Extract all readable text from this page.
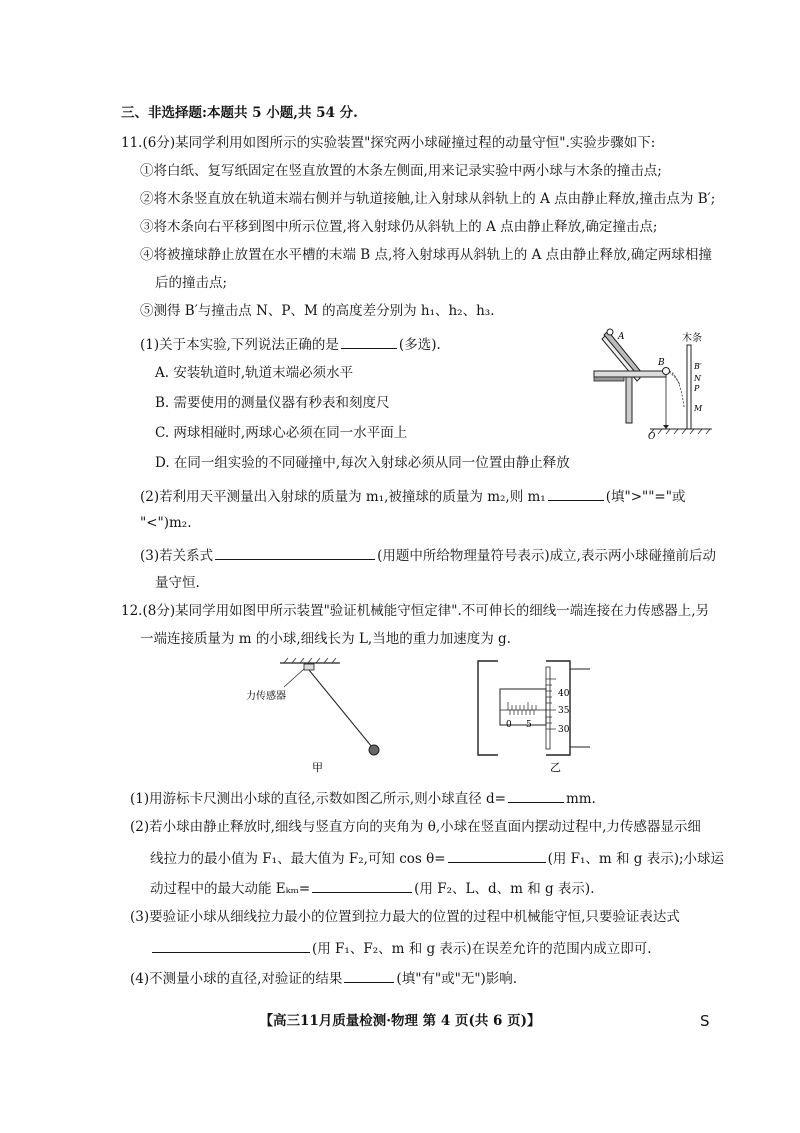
三、非选择题:本题共 5 小题,共 54 分.
11.(6分)某同学利用如图所示的实验装置"探究两小球碰撞过程的动量守恒".实验步骤如下:
①将白纸、复写纸固定在竖直放置的木条左侧面,用来记录实验中两小球与木条的撞击点;
②将木条竖直放在轨道末端右侧并与轨道接触,让入射球从斜轨上的 A 点由静止释放,撞击点为 B′;
③将木条向右平移到图中所示位置,将入射球仍从斜轨上的 A 点由静止释放,确定撞击点;
④将被撞球静止放置在水平槽的末端 B 点,将入射球再从斜轨上的 A 点由静止释放,确定两球相撞
后的撞击点;
⑤测得 B′与撞击点 N、P、M 的高度差分别为 h₁、h₂、h₃.
(1)关于本实验,下列说法正确的是	(多选).
A. 安装轨道时,轨道末端必须水平
B. 需要使用的测量仪器有秒表和刻度尺
C. 两球相碰时,两球心必须在同一水平面上
D. 在同一组实验的不同碰撞中,每次入射球必须从同一位置由静止释放
A
B
木条
B′
N
P
M
O
(2)若利用天平测量出入射球的质量为 m₁,被撞球的质量为 m₂,则 m₁	(填">""="或
"<")m₂.
(3)若关系式	(用题中所给物理量符号表示)成立,表示两小球碰撞前后动
量守恒.
12.(8分)某同学用如图甲所示装置"验证机械能守恒定律".不可伸长的细线一端连接在力传感器上,另
一端连接质量为 m 的小球,细线长为 L,当地的重力加速度为 g.
力传感器
甲
0 5
40
35
30
乙
(1)用游标卡尺测出小球的直径,示数如图乙所示,则小球直径 d=	mm.
(2)若小球由静止释放时,细线与竖直方向的夹角为 θ,小球在竖直面内摆动过程中,力传感器显示细
线拉力的最小值为 F₁、最大值为 F₂,可知 cos θ=	(用 F₁、m 和 g 表示);小球运
动过程中的最大动能 Eₖₘ=	(用 F₂、L、d、m 和 g 表示).
(3)要验证小球从细线拉力最小的位置到拉力最大的位置的过程中机械能守恒,只要验证表达式
(用 F₁、F₂、m 和 g 表示)在误差允许的范围内成立即可.
(4)不测量小球的直径,对验证的结果	(填"有"或"无")影响.
【高三11月质量检测·物理 第 4 页(共 6 页)】	S
